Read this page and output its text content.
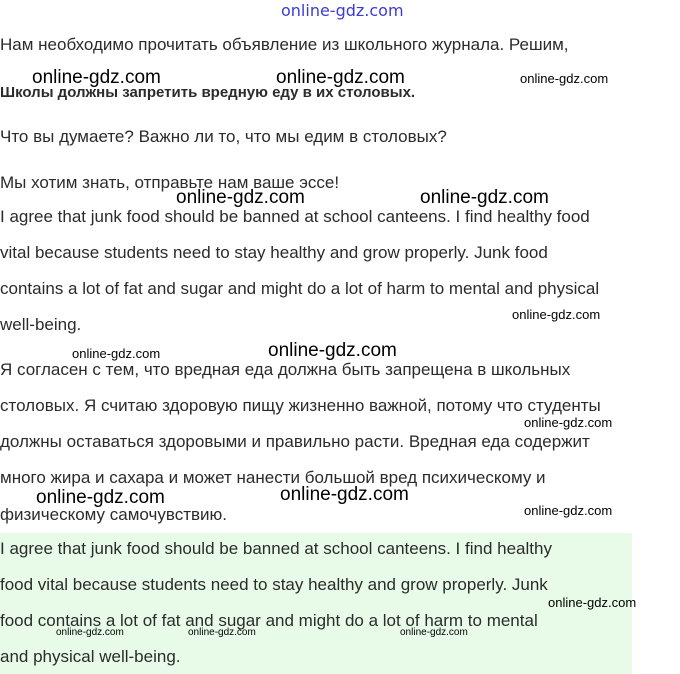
online-gdz.com
Нам необходимо прочитать объявление из школьного журнала. Решим,
Школы должны запретить вредную еду в их столовых.
Что вы думаете? Важно ли то, что мы едим в столовых?
Мы хотим знать, отправьте нам ваше эссе!
I agree that junk food should be banned at school canteens. I find healthy food
vital because students need to stay healthy and grow properly. Junk food
contains a lot of fat and sugar and might do a lot of harm to mental and physical
well-being.
Я согласен с тем, что вредная еда должна быть запрещена в школьных
столовых. Я считаю здоровую пищу жизненно важной, потому что студенты
должны оставаться здоровыми и правильно расти. Вредная еда содержит
много жира и сахара и может нанести большой вред психическому и
физическому самочувствию.
I agree that junk food should be banned at school canteens. I find healthy
food vital because students need to stay healthy and grow properly. Junk
food contains a lot of fat and sugar and might do a lot of harm to mental
and physical well-being.
online-gdz.com	online-gdz.com	online-gdz.com
online-gdz.com	online-gdz.com
online-gdz.com
online-gdz.com	online-gdz.com
online-gdz.com
online-gdz.com	online-gdz.com
online-gdz.com
online-gdz.com
online-gdz.com	online-gdz.com	online-gdz.com
